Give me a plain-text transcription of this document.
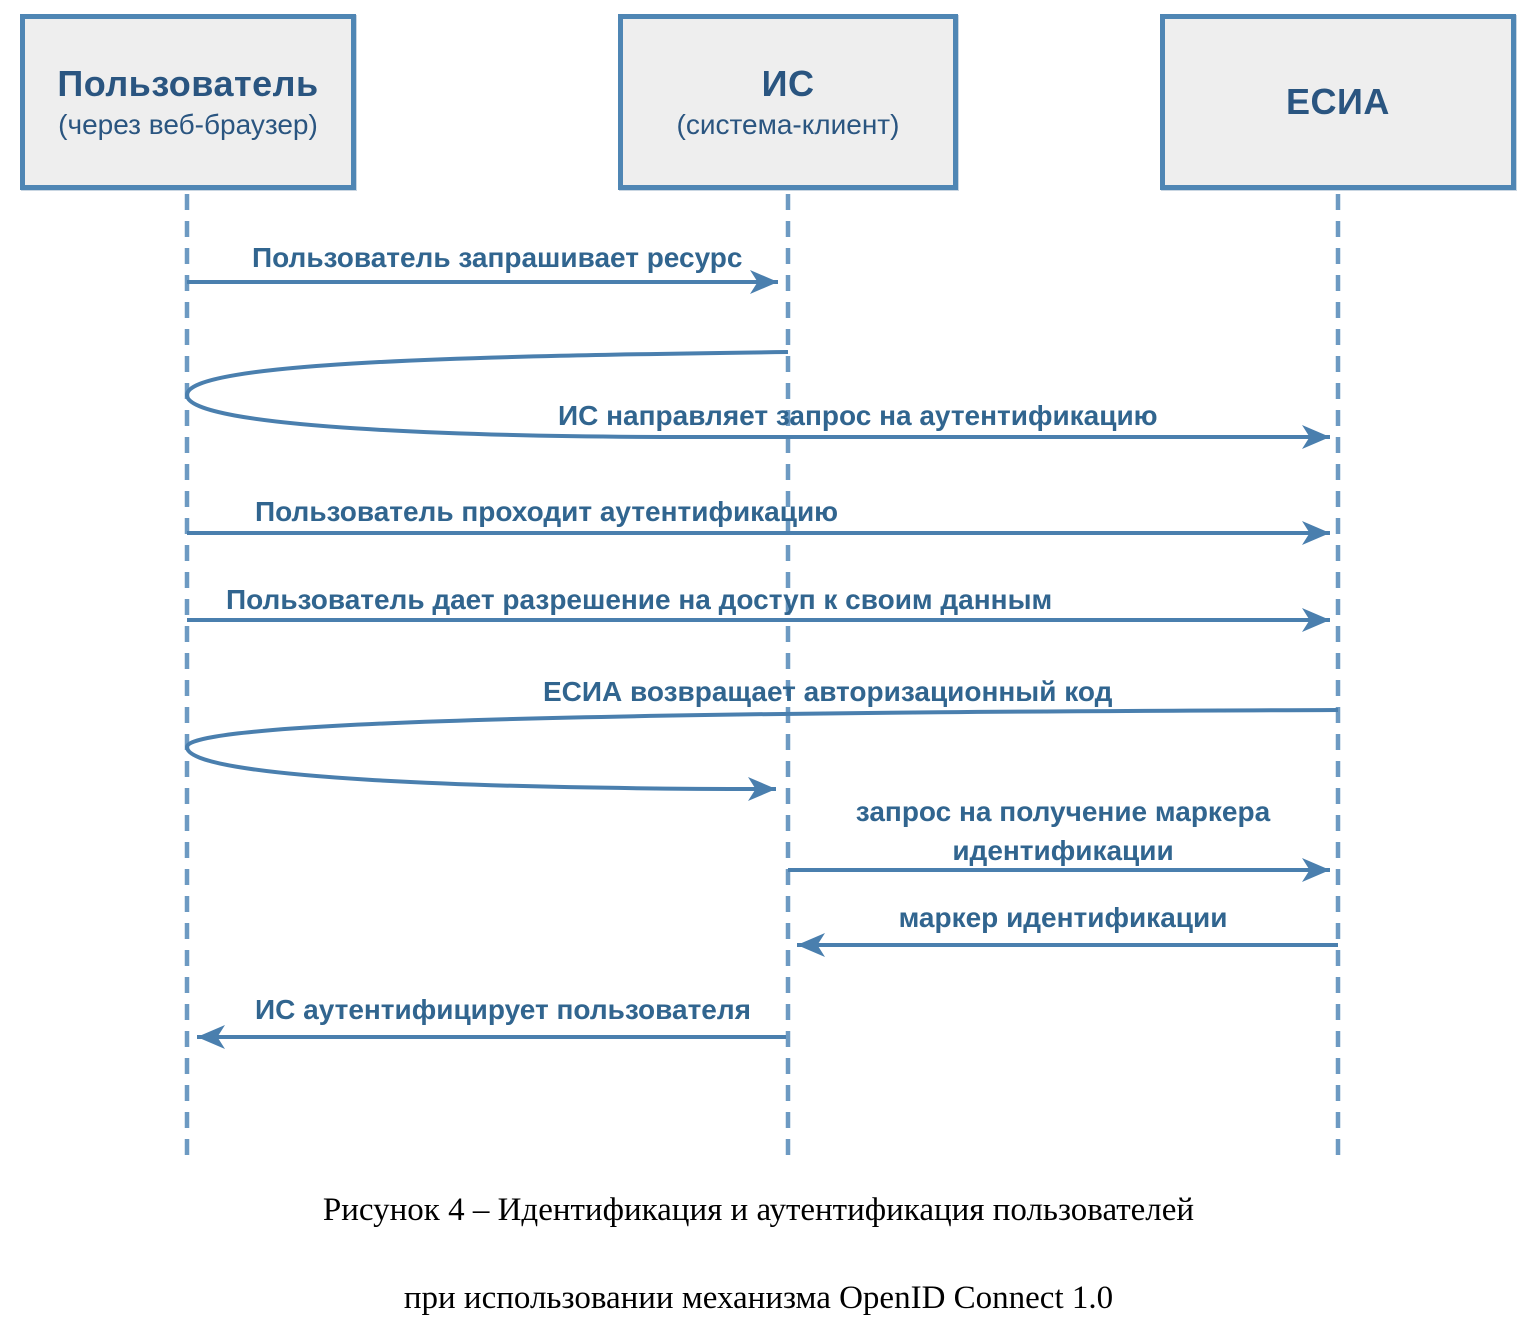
Пользователь
(через веб-браузер)
ИС
(система-клиент)
ЕСИА
Пользователь запрашивает ресурс
ИС направляет запрос на аутентификацию
Пользователь проходит аутентификацию
Пользователь дает разрешение на доступ к своим данным
ЕСИА возвращает авторизационный код
запрос на получение маркера идентификации
маркер идентификации
ИС аутентифицирует пользователя
Рисунок 4 – Идентификация и аутентификация пользователей
при использовании механизма OpenID Connect 1.0
